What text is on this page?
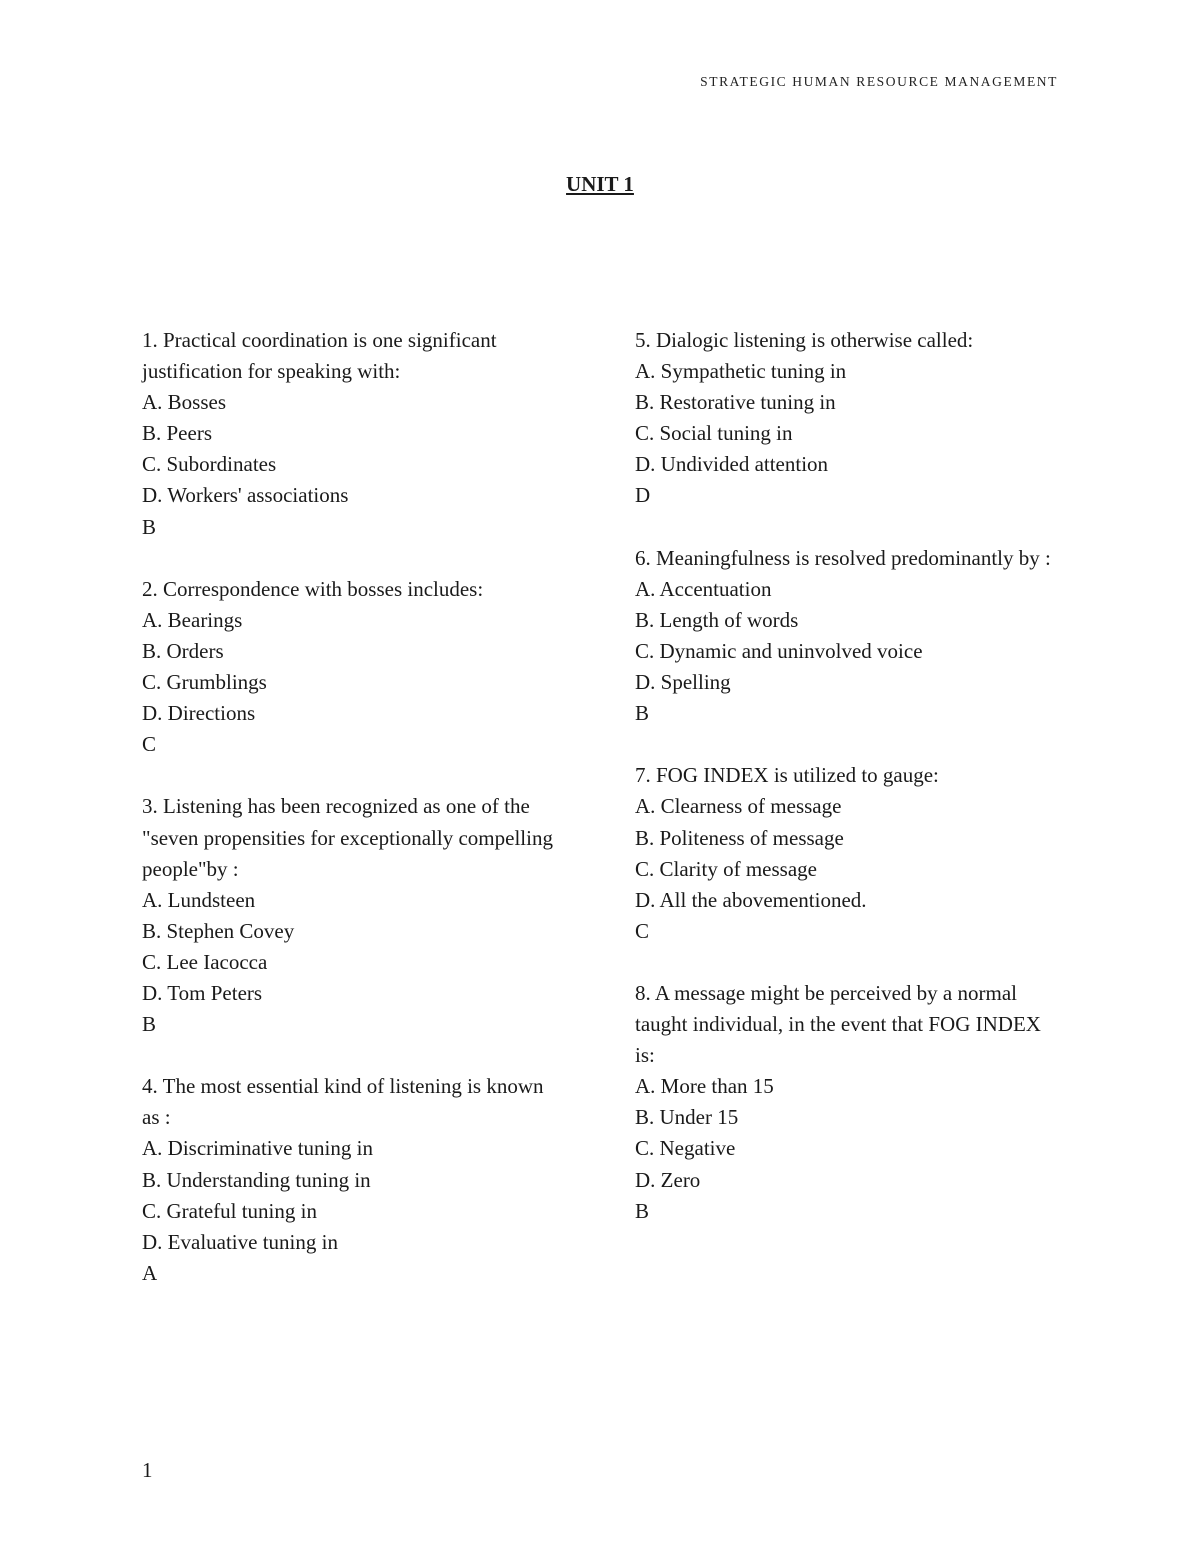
STRATEGIC HUMAN RESOURCE MANAGEMENT
UNIT 1
1. Practical coordination is one significant justification for speaking with:
A. Bosses
B. Peers
C. Subordinates
D. Workers' associations
B
2. Correspondence with bosses includes:
A. Bearings
B. Orders
C. Grumblings
D. Directions
C
3. Listening has been recognized as one of the "seven propensities for exceptionally compelling people"by :
A. Lundsteen
B. Stephen Covey
C. Lee Iacocca
D. Tom Peters
B
4. The most essential kind of listening is known as :
A. Discriminative tuning in
B. Understanding tuning in
C. Grateful tuning in
D. Evaluative tuning in
A
5. Dialogic listening is otherwise called:
A. Sympathetic tuning in
B. Restorative tuning in
C. Social tuning in
D. Undivided attention
D
6. Meaningfulness is resolved predominantly by :
A. Accentuation
B. Length of words
C. Dynamic and uninvolved voice
D. Spelling
B
7. FOG INDEX is utilized to gauge:
A. Clearness of message
B. Politeness of message
C. Clarity of message
D. All the abovementioned.
C
8. A message might be perceived by a normal taught individual, in the event that FOG INDEX is:
A. More than 15
B. Under 15
C. Negative
D. Zero
B
1
